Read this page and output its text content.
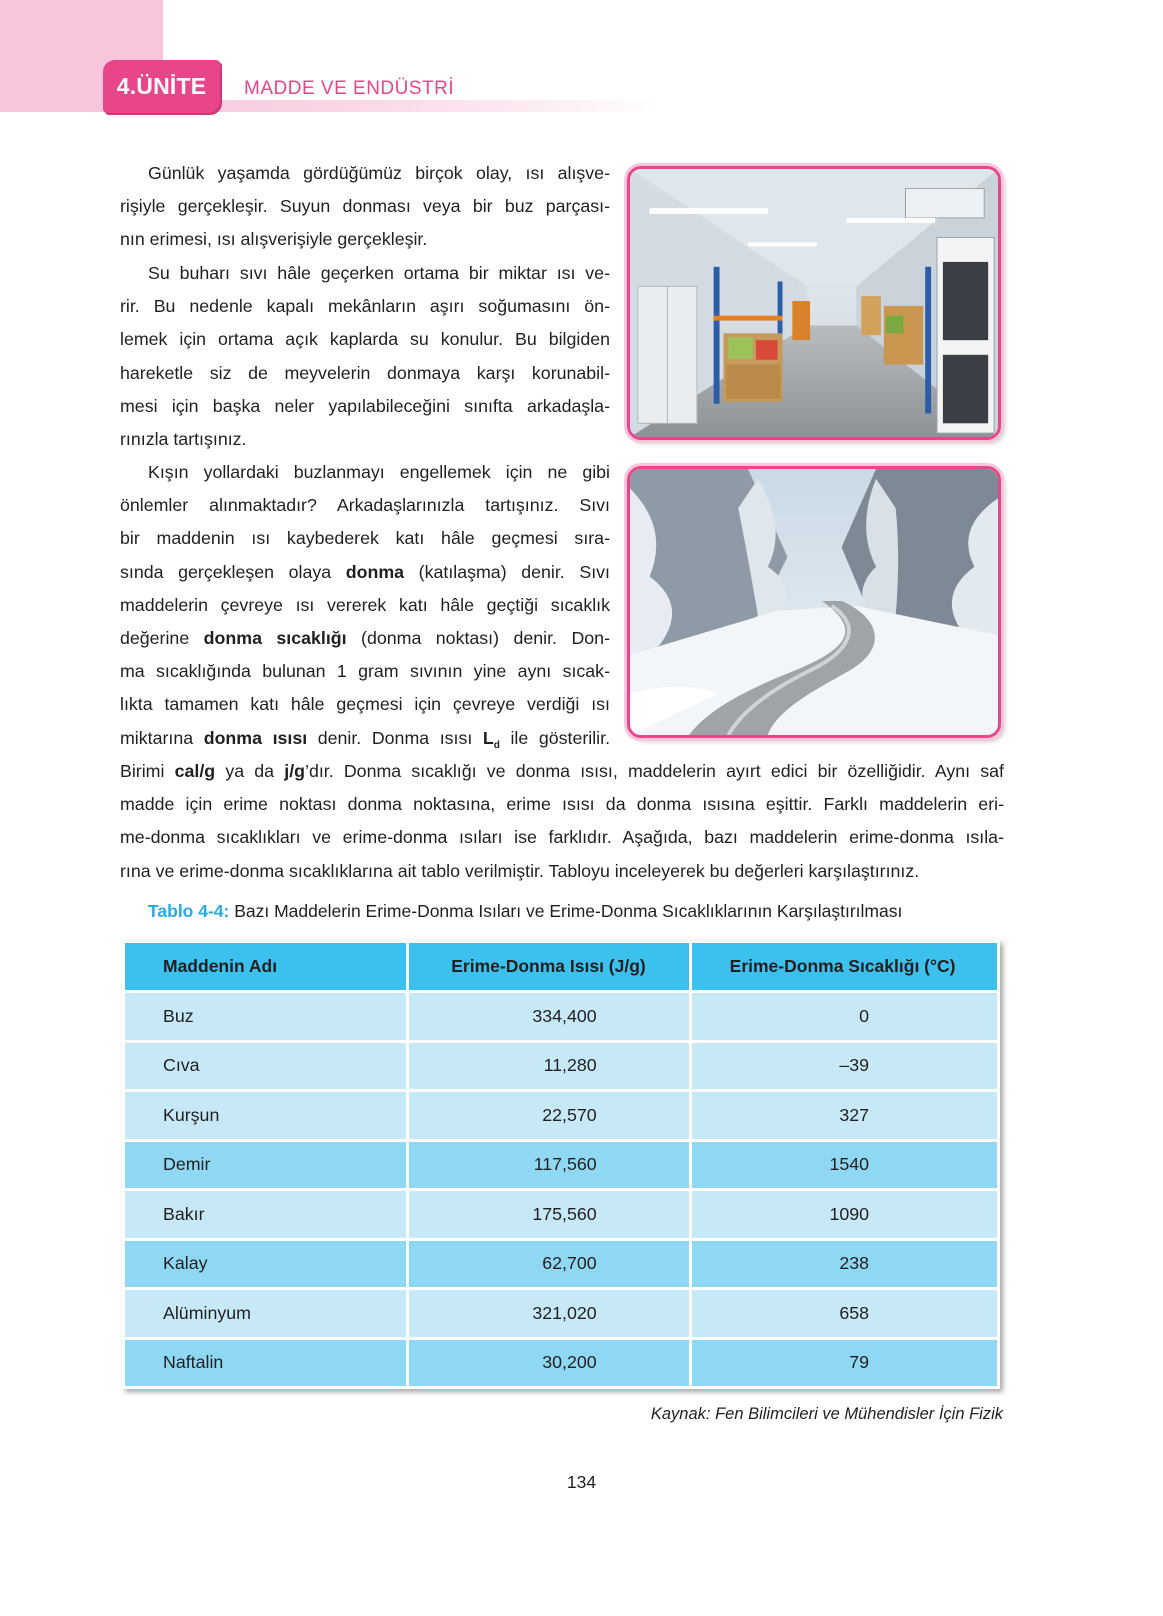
4.ÜNİTE	MADDE VE ENDÜSTRİ
Günlük yaşamda gördüğümüz birçok olay, ısı alışve-
rişiyle gerçekleşir. Suyun donması veya bir buz parçası-
nın erimesi, ısı alışverişiyle gerçekleşir.
Su buharı sıvı hâle geçerken ortama bir miktar ısı ve-
rir. Bu nedenle kapalı mekânların aşırı soğumasını ön-
lemek için ortama açık kaplarda su konulur. Bu bilgiden
hareketle siz de meyvelerin donmaya karşı korunabil-
mesi için başka neler yapılabileceğini sınıfta arkadaşla-
rınızla tartışınız.
Kışın yollardaki buzlanmayı engellemek için ne gibi
önlemler alınmaktadır? Arkadaşlarınızla tartışınız. Sıvı
bir maddenin ısı kaybederek katı hâle geçmesi sıra-
sında gerçekleşen olaya donma (katılaşma) denir. Sıvı
maddelerin çevreye ısı vererek katı hâle geçtiği sıcaklık
değerine donma sıcaklığı (donma noktası) denir. Don-
ma sıcaklığında bulunan 1 gram sıvının yine aynı sıcak-
lıkta tamamen katı hâle geçmesi için çevreye verdiği ısı
miktarına donma ısısı denir. Donma ısısı $L_d$ ile gösterilir.
Birimi cal/g ya da j/g’dır. Donma sıcaklığı ve donma ısısı, maddelerin ayırt edici bir özelliğidir. Aynı saf
madde için erime noktası donma noktasına, erime ısısı da donma ısısına eşittir. Farklı maddelerin eri-
me-donma sıcaklıkları ve erime-donma ısıları ise farklıdır. Aşağıda, bazı maddelerin erime-donma ısıla-
rına ve erime-donma sıcaklıklarına ait tablo verilmiştir. Tabloyu inceleyerek bu değerleri karşılaştırınız.
Tablo 4-4: Bazı Maddelerin Erime-Donma Isıları ve Erime-Donma Sıcaklıklarının Karşılaştırılması
Maddenin Adı	Erime-Donma Isısı (J/g)	Erime-Donma Sıcaklığı (°C)
Buz	334,400	0
Cıva	11,280	–39
Kurşun	22,570	327
Demir	117,560	1540
Bakır	175,560	1090
Kalay	62,700	238
Alüminyum	321,020	658
Naftalin	30,200	79
Kaynak: Fen Bilimcileri ve Mühendisler İçin Fizik
134
